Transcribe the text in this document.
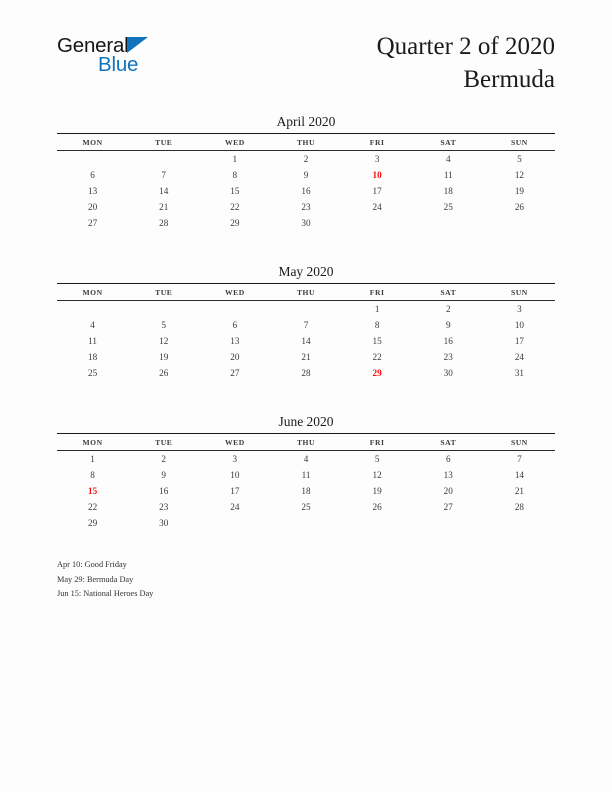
General
Blue
Quarter 2 of 2020
Bermuda
April 2020
MON	TUE	WED	THU	FRI	SAT	SUN
		1	2	3	4	5
6	7	8	9	10	11	12
13	14	15	16	17	18	19
20	21	22	23	24	25	26
27	28	29	30			
May 2020
MON	TUE	WED	THU	FRI	SAT	SUN
				1	2	3
4	5	6	7	8	9	10
11	12	13	14	15	16	17
18	19	20	21	22	23	24
25	26	27	28	29	30	31
June 2020
MON	TUE	WED	THU	FRI	SAT	SUN
1	2	3	4	5	6	7
8	9	10	11	12	13	14
15	16	17	18	19	20	21
22	23	24	25	26	27	28
29	30					
Apr 10: Good Friday
May 29: Bermuda Day
Jun 15: National Heroes Day
